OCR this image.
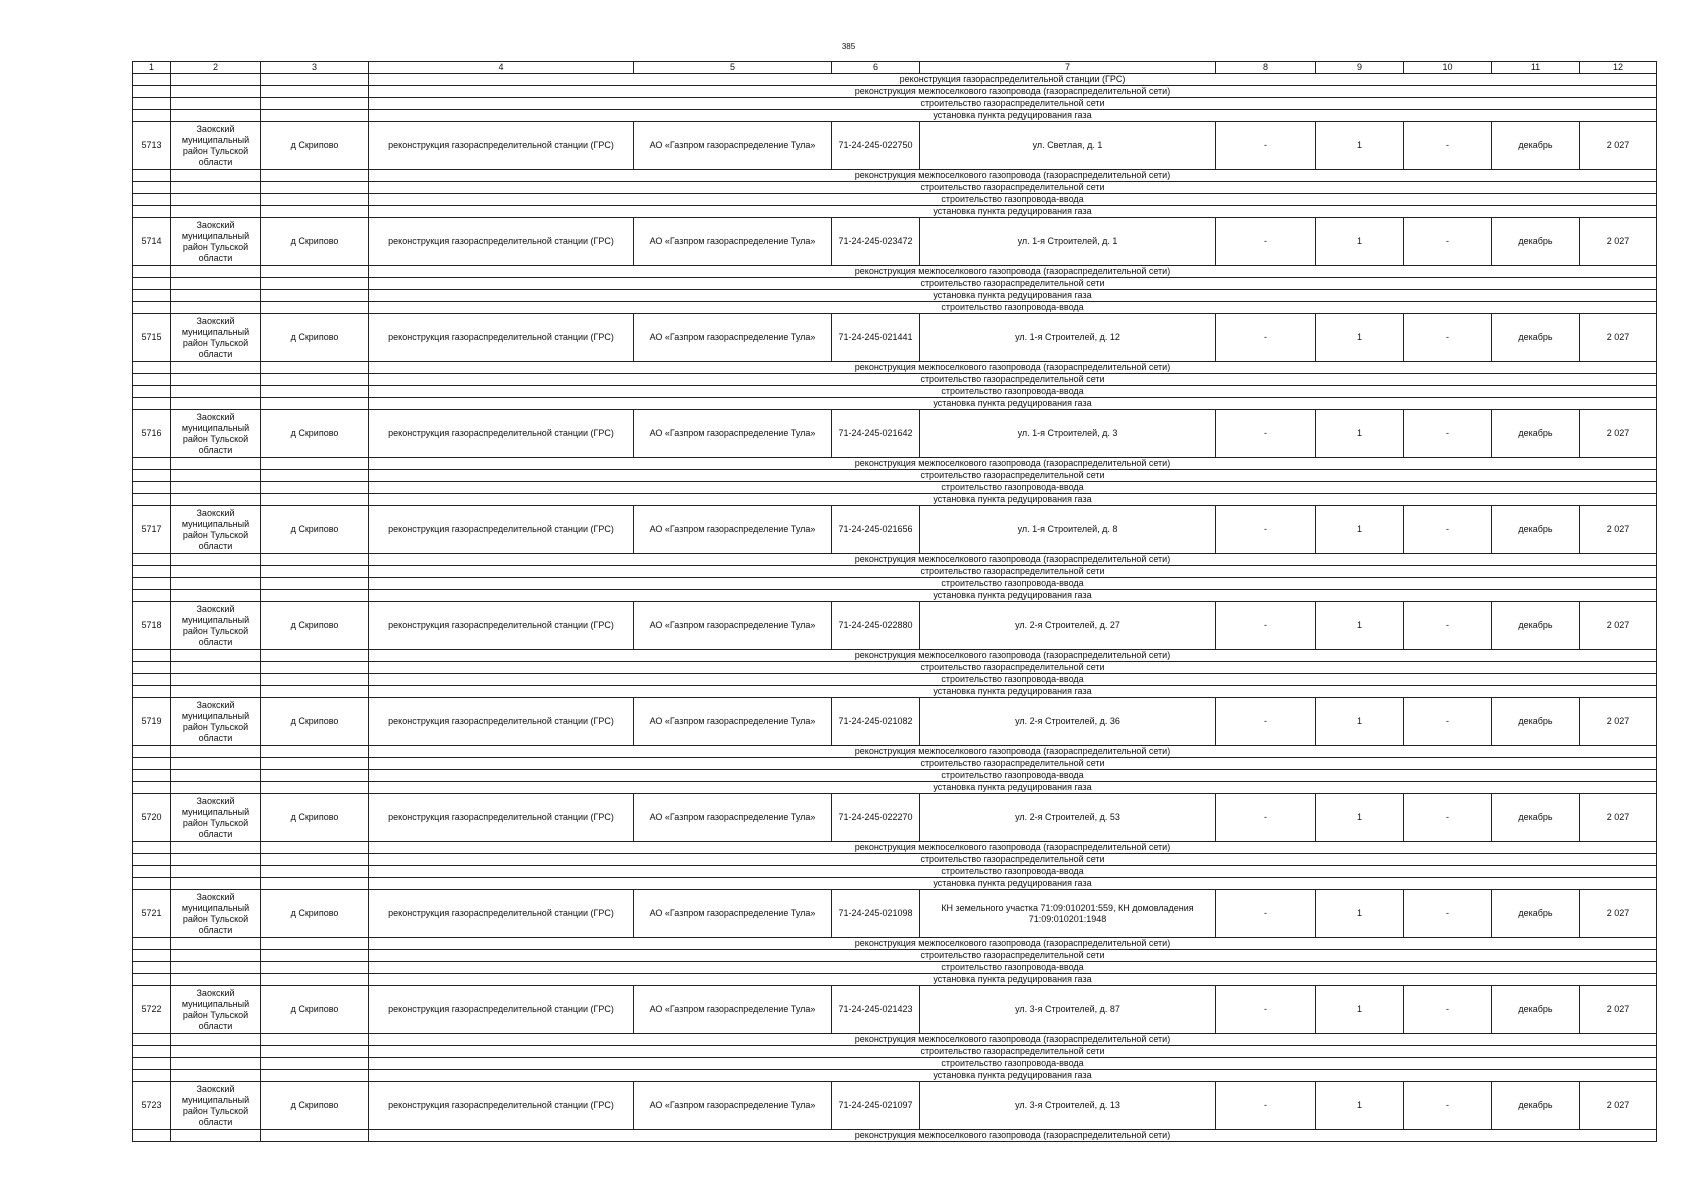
385
1	2	3	4	5	6	7	8	9	10	11	12
			реконструкция газораспределительной станции (ГРС)								
			реконструкция межпоселкового газопровода (газораспределительной сети)								
			строительство газораспределительной сети								
			установка пункта редуцирования газа								
5713	Заокский муниципальный район Тульской области	д Скрипово	реконструкция газораспределительной станции (ГРС)	АО «Газпром газораспределение Тула»	71-24-245-022750	ул. Светлая, д. 1	-	1	-	декабрь	2 027
			реконструкция межпоселкового газопровода (газораспределительной сети)								
			строительство газораспределительной сети								
			строительство газопровода-ввода								
			установка пункта редуцирования газа								
5714	Заокский муниципальный район Тульской области	д Скрипово	реконструкция газораспределительной станции (ГРС)	АО «Газпром газораспределение Тула»	71-24-245-023472	ул. 1-я Строителей, д. 1	-	1	-	декабрь	2 027
			реконструкция межпоселкового газопровода (газораспределительной сети)								
			строительство газораспределительной сети								
			установка пункта редуцирования газа								
			строительство газопровода-ввода								
5715	Заокский муниципальный район Тульской области	д Скрипово	реконструкция газораспределительной станции (ГРС)	АО «Газпром газораспределение Тула»	71-24-245-021441	ул. 1-я Строителей, д. 12	-	1	-	декабрь	2 027
			реконструкция межпоселкового газопровода (газораспределительной сети)								
			строительство газораспределительной сети								
			строительство газопровода-ввода								
			установка пункта редуцирования газа								
5716	Заокский муниципальный район Тульской области	д Скрипово	реконструкция газораспределительной станции (ГРС)	АО «Газпром газораспределение Тула»	71-24-245-021642	ул. 1-я Строителей, д. 3	-	1	-	декабрь	2 027
			реконструкция межпоселкового газопровода (газораспределительной сети)								
			строительство газораспределительной сети								
			строительство газопровода-ввода								
			установка пункта редуцирования газа								
5717	Заокский муниципальный район Тульской области	д Скрипово	реконструкция газораспределительной станции (ГРС)	АО «Газпром газораспределение Тула»	71-24-245-021656	ул. 1-я Строителей, д. 8	-	1	-	декабрь	2 027
			реконструкция межпоселкового газопровода (газораспределительной сети)								
			строительство газораспределительной сети								
			строительство газопровода-ввода								
			установка пункта редуцирования газа								
5718	Заокский муниципальный район Тульской области	д Скрипово	реконструкция газораспределительной станции (ГРС)	АО «Газпром газораспределение Тула»	71-24-245-022880	ул. 2-я Строителей, д. 27	-	1	-	декабрь	2 027
			реконструкция межпоселкового газопровода (газораспределительной сети)								
			строительство газораспределительной сети								
			строительство газопровода-ввода								
			установка пункта редуцирования газа								
5719	Заокский муниципальный район Тульской области	д Скрипово	реконструкция газораспределительной станции (ГРС)	АО «Газпром газораспределение Тула»	71-24-245-021082	ул. 2-я Строителей, д. 36	-	1	-	декабрь	2 027
			реконструкция межпоселкового газопровода (газораспределительной сети)								
			строительство газораспределительной сети								
			строительство газопровода-ввода								
			установка пункта редуцирования газа								
5720	Заокский муниципальный район Тульской области	д Скрипово	реконструкция газораспределительной станции (ГРС)	АО «Газпром газораспределение Тула»	71-24-245-022270	ул. 2-я Строителей, д. 53	-	1	-	декабрь	2 027
			реконструкция межпоселкового газопровода (газораспределительной сети)								
			строительство газораспределительной сети								
			строительство газопровода-ввода								
			установка пункта редуцирования газа								
5721	Заокский муниципальный район Тульской области	д Скрипово	реконструкция газораспределительной станции (ГРС)	АО «Газпром газораспределение Тула»	71-24-245-021098	КН земельного участка 71:09:010201:559, КН домовладения 71:09:010201:1948	-	1	-	декабрь	2 027
			реконструкция межпоселкового газопровода (газораспределительной сети)								
			строительство газораспределительной сети								
			строительство газопровода-ввода								
			установка пункта редуцирования газа								
5722	Заокский муниципальный район Тульской области	д Скрипово	реконструкция газораспределительной станции (ГРС)	АО «Газпром газораспределение Тула»	71-24-245-021423	ул. 3-я Строителей, д. 87	-	1	-	декабрь	2 027
			реконструкция межпоселкового газопровода (газораспределительной сети)								
			строительство газораспределительной сети								
			строительство газопровода-ввода								
			установка пункта редуцирования газа								
5723	Заокский муниципальный район Тульской области	д Скрипово	реконструкция газораспределительной станции (ГРС)	АО «Газпром газораспределение Тула»	71-24-245-021097	ул. 3-я Строителей, д. 13	-	1	-	декабрь	2 027
			реконструкция межпоселкового газопровода (газораспределительной сети)								
